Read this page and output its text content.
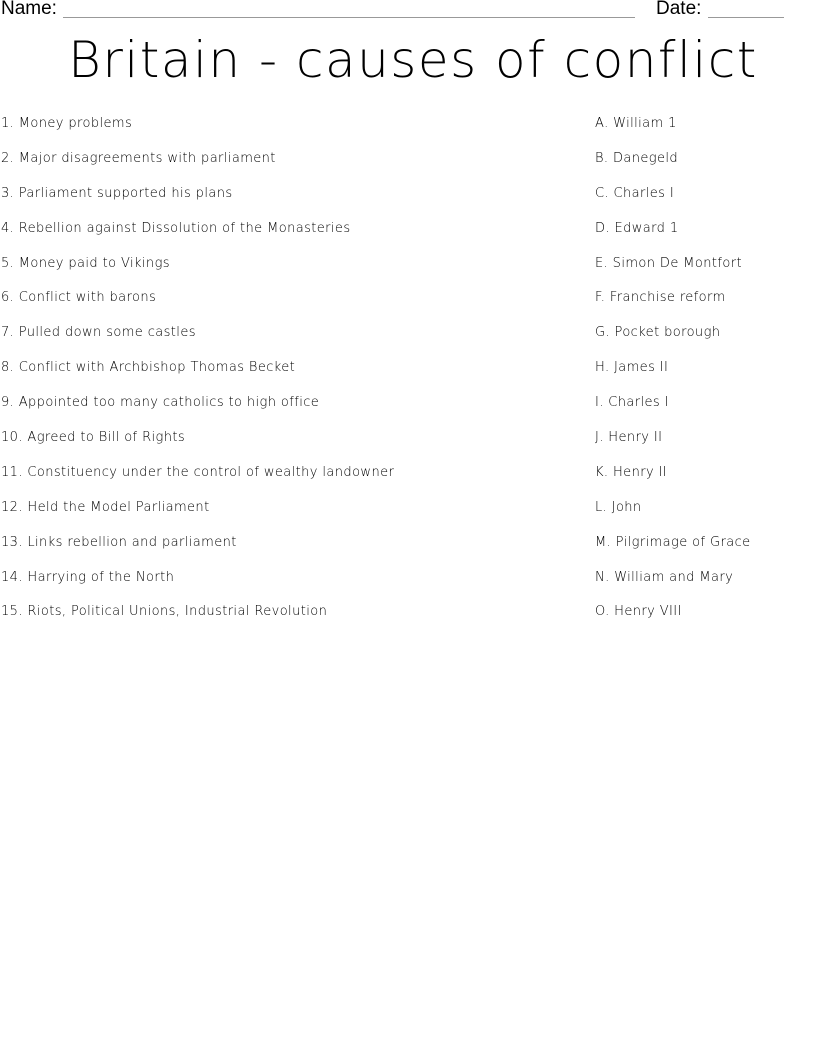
Name:	Date:
Britain - causes of conflict
1. Money problems
2. Major disagreements with parliament
3. Parliament supported his plans
4. Rebellion against Dissolution of the Monasteries
5. Money paid to Vikings
6. Conflict with barons
7. Pulled down some castles
8. Conflict with Archbishop Thomas Becket
9. Appointed too many catholics to high office
10. Agreed to Bill of Rights
11. Constituency under the control of wealthy landowner
12. Held the Model Parliament
13. Links rebellion and parliament
14. Harrying of the North
15. Riots, Political Unions, Industrial Revolution
A. William 1
B. Danegeld
C. Charles I
D. Edward 1
E. Simon De Montfort
F. Franchise reform
G. Pocket borough
H. James II
I. Charles I
J. Henry II
K. Henry II
L. John
M. Pilgrimage of Grace
N. William and Mary
O. Henry VIII
